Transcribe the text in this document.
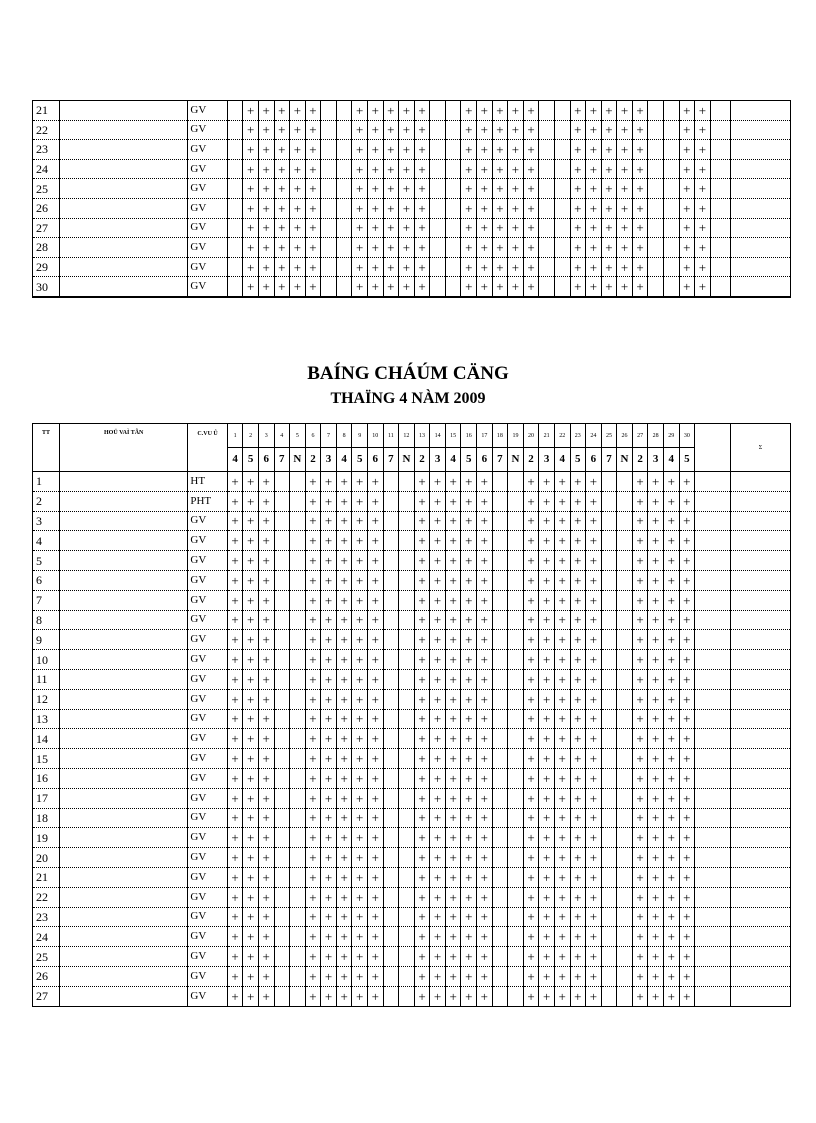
21		GV		+	+	+	+	+			+	+	+	+	+			+	+	+	+	+			+	+	+	+	+			+	+		
22		GV		+	+	+	+	+			+	+	+	+	+			+	+	+	+	+			+	+	+	+	+			+	+		
23		GV		+	+	+	+	+			+	+	+	+	+			+	+	+	+	+			+	+	+	+	+			+	+		
24		GV		+	+	+	+	+			+	+	+	+	+			+	+	+	+	+			+	+	+	+	+			+	+		
25		GV		+	+	+	+	+			+	+	+	+	+			+	+	+	+	+			+	+	+	+	+			+	+		
26		GV		+	+	+	+	+			+	+	+	+	+			+	+	+	+	+			+	+	+	+	+			+	+		
27		GV		+	+	+	+	+			+	+	+	+	+			+	+	+	+	+			+	+	+	+	+			+	+		
28		GV		+	+	+	+	+			+	+	+	+	+			+	+	+	+	+			+	+	+	+	+			+	+		
29		GV		+	+	+	+	+			+	+	+	+	+			+	+	+	+	+			+	+	+	+	+			+	+		
30		GV		+	+	+	+	+			+	+	+	+	+			+	+	+	+	+			+	+	+	+	+			+	+		
BAÍNG CHÁÚM CÄNG
THAÏNG 4 NÀM 2009
TT	HOÜ VAÌ TÃN	C.VU Û	1	2	3	4	5	6	7	8	9	10	11	12	13	14	15	16	17	18	19	20	21	22	23	24	25	26	27	28	29	30		Σ
			4	5	6	7	N	2	3	4	5	6	7	N	2	3	4	5	6	7	N	2	3	4	5	6	7	N	2	3	4	5		
1		HT	+	+	+			+	+	+	+	+			+	+	+	+	+			+	+	+	+	+			+	+	+	+		
2		PHT	+	+	+			+	+	+	+	+			+	+	+	+	+			+	+	+	+	+			+	+	+	+		
3		GV	+	+	+			+	+	+	+	+			+	+	+	+	+			+	+	+	+	+			+	+	+	+		
4		GV	+	+	+			+	+	+	+	+			+	+	+	+	+			+	+	+	+	+			+	+	+	+		
5		GV	+	+	+			+	+	+	+	+			+	+	+	+	+			+	+	+	+	+			+	+	+	+		
6		GV	+	+	+			+	+	+	+	+			+	+	+	+	+			+	+	+	+	+			+	+	+	+		
7		GV	+	+	+			+	+	+	+	+			+	+	+	+	+			+	+	+	+	+			+	+	+	+		
8		GV	+	+	+			+	+	+	+	+			+	+	+	+	+			+	+	+	+	+			+	+	+	+		
9		GV	+	+	+			+	+	+	+	+			+	+	+	+	+			+	+	+	+	+			+	+	+	+		
10		GV	+	+	+			+	+	+	+	+			+	+	+	+	+			+	+	+	+	+			+	+	+	+		
11		GV	+	+	+			+	+	+	+	+			+	+	+	+	+			+	+	+	+	+			+	+	+	+		
12		GV	+	+	+			+	+	+	+	+			+	+	+	+	+			+	+	+	+	+			+	+	+	+		
13		GV	+	+	+			+	+	+	+	+			+	+	+	+	+			+	+	+	+	+			+	+	+	+		
14		GV	+	+	+			+	+	+	+	+			+	+	+	+	+			+	+	+	+	+			+	+	+	+		
15		GV	+	+	+			+	+	+	+	+			+	+	+	+	+			+	+	+	+	+			+	+	+	+		
16		GV	+	+	+			+	+	+	+	+			+	+	+	+	+			+	+	+	+	+			+	+	+	+		
17		GV	+	+	+			+	+	+	+	+			+	+	+	+	+			+	+	+	+	+			+	+	+	+		
18		GV	+	+	+			+	+	+	+	+			+	+	+	+	+			+	+	+	+	+			+	+	+	+		
19		GV	+	+	+			+	+	+	+	+			+	+	+	+	+			+	+	+	+	+			+	+	+	+		
20		GV	+	+	+			+	+	+	+	+			+	+	+	+	+			+	+	+	+	+			+	+	+	+		
21		GV	+	+	+			+	+	+	+	+			+	+	+	+	+			+	+	+	+	+			+	+	+	+		
22		GV	+	+	+			+	+	+	+	+			+	+	+	+	+			+	+	+	+	+			+	+	+	+		
23		GV	+	+	+			+	+	+	+	+			+	+	+	+	+			+	+	+	+	+			+	+	+	+		
24		GV	+	+	+			+	+	+	+	+			+	+	+	+	+			+	+	+	+	+			+	+	+	+		
25		GV	+	+	+			+	+	+	+	+			+	+	+	+	+			+	+	+	+	+			+	+	+	+		
26		GV	+	+	+			+	+	+	+	+			+	+	+	+	+			+	+	+	+	+			+	+	+	+		
27		GV	+	+	+			+	+	+	+	+			+	+	+	+	+			+	+	+	+	+			+	+	+	+		
